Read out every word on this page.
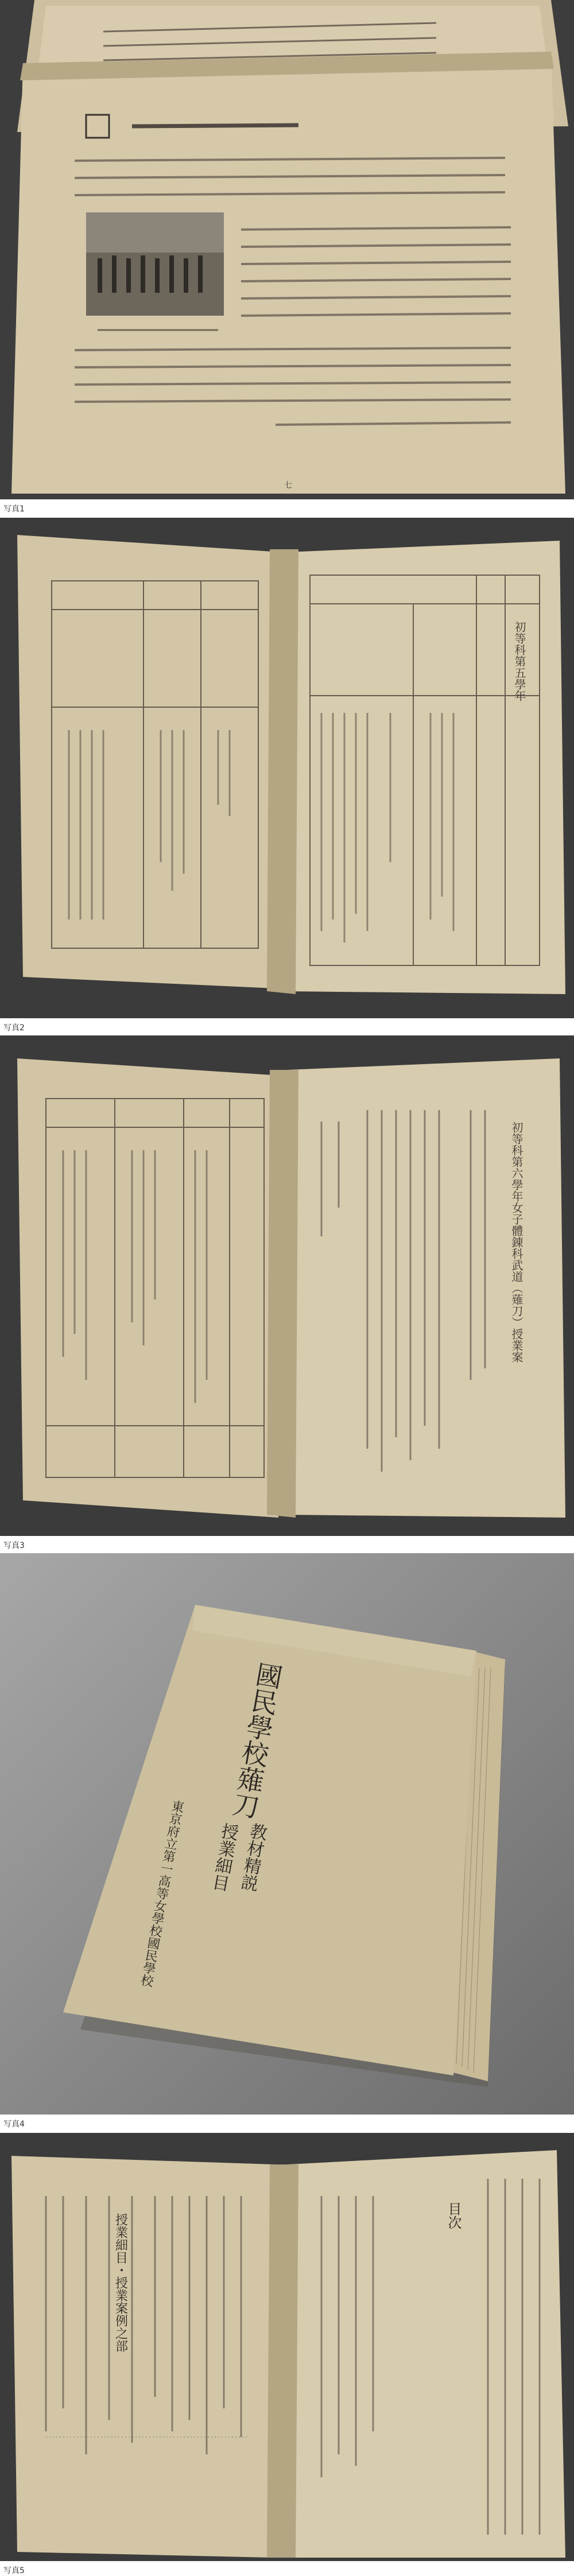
七
写真1
初等科第五學年
写真2
初等科第六學年女子體錬科武道（薙刀）授業案
写真3
國民學校薙刀
教材精説
授業細目
東京府立第一高等女學校國民學校
写真4
授業細目・授業案例之部	目次
写真5
